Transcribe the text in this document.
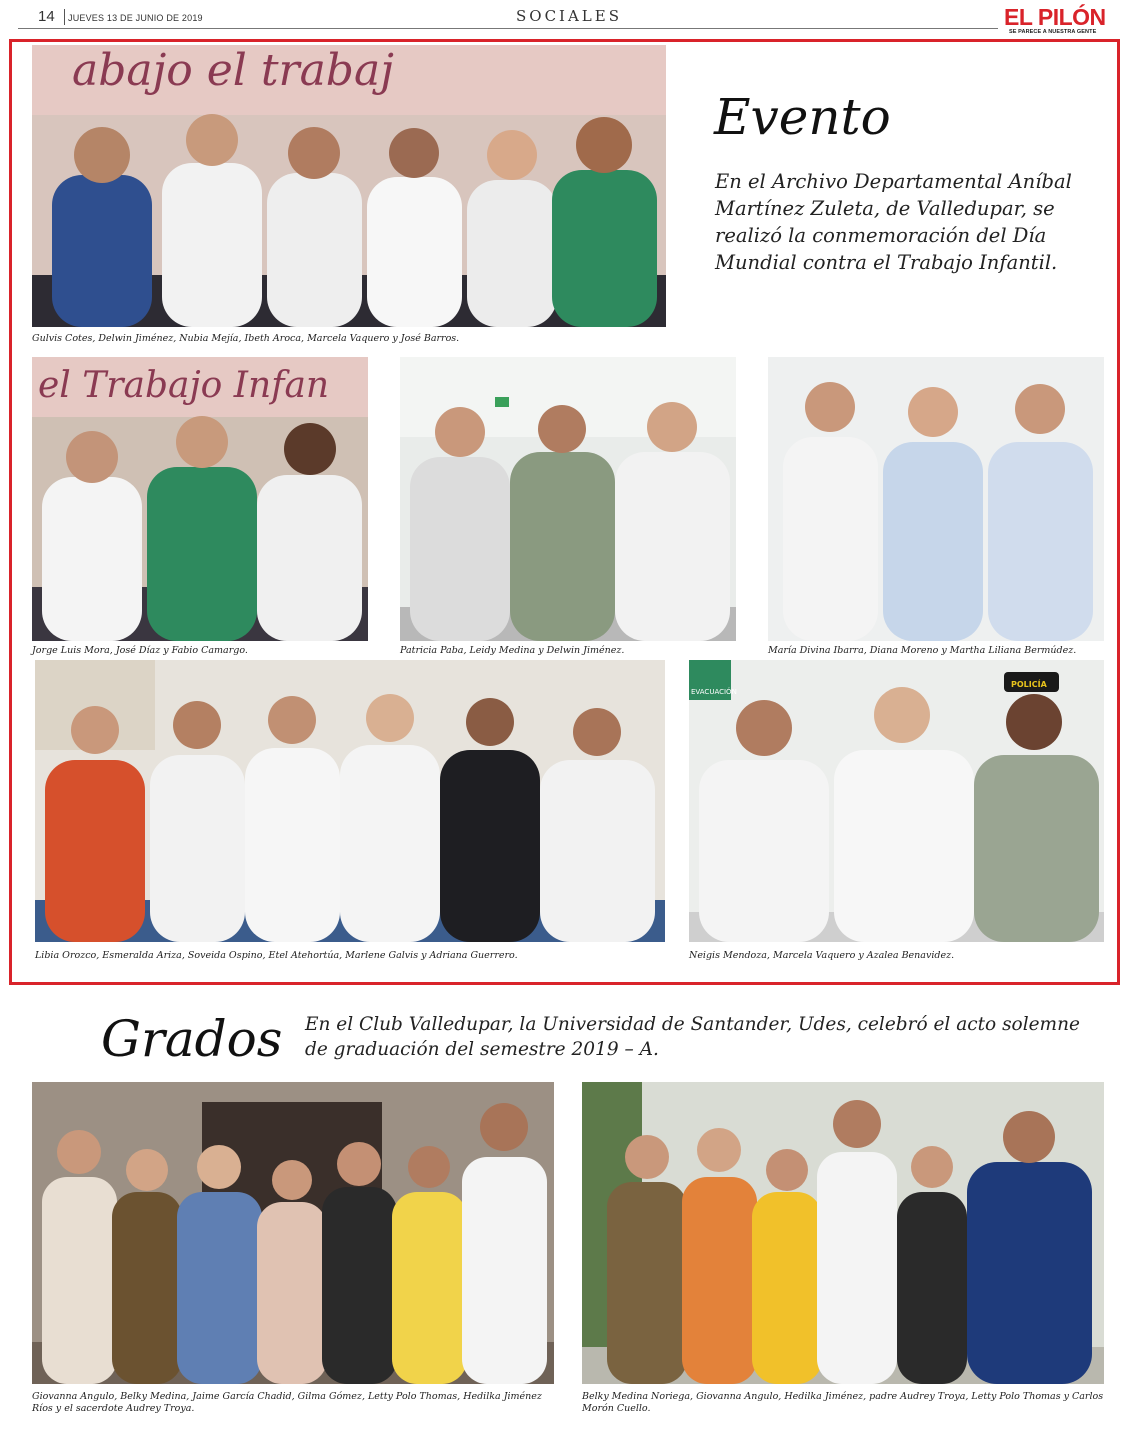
14 JUEVES 13 DE JUNIO DE 2019	SOCIALES	EL PILÓN
SE PARECE A NUESTRA GENTE
abajo el trabaj
Gulvis Cotes, Delwin Jiménez, Nubia Mejía, Ibeth Aroca, Marcela Vaquero y José Barros.
Evento
En el Archivo Departamental Aníbal Martínez Zuleta, de Valledupar, se realizó la conmemoración del Día Mundial contra el Trabajo Infantil.
el Trabajo Infan
Jorge Luis Mora, José Díaz y Fabio Camargo.	Patricia Paba, Leidy Medina y Delwin Jiménez.	María Divina Ibarra, Diana Moreno y Martha Liliana Bermúdez.
Libia Orozco, Esmeralda Ariza, Soveida Ospino, Etel Atehortúa, Marlene Galvis y Adriana Guerrero.
EVACUACIÓN
POLICÍA
Neigis Mendoza, Marcela Vaquero y Azalea Benavidez.
Grados En el Club Valledupar, la Universidad de Santander, Udes, celebró el acto solemne de graduación del semestre 2019 – A.
Giovanna Angulo, Belky Medina, Jaime García Chadid, Gilma Gómez, Letty Polo Thomas, Hedilka Jiménez Ríos y el sacerdote Audrey Troya.
Belky Medina Noriega, Giovanna Angulo, Hedilka Jiménez, padre Audrey Troya, Letty Polo Thomas y Carlos Morón Cuello.
